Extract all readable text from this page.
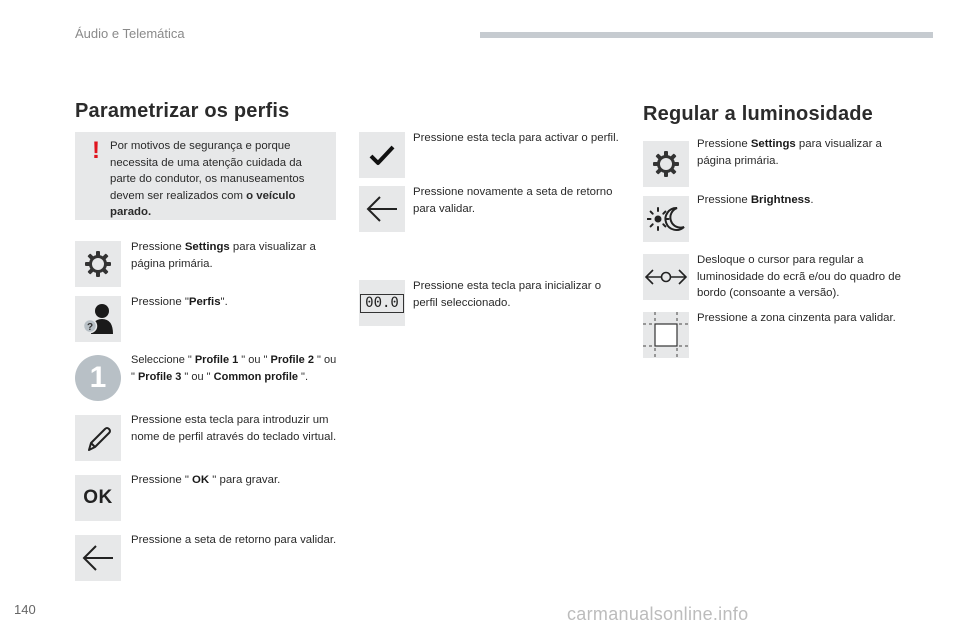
Áudio e Telemática
Parametrizar os perfis
! Por motivos de segurança e porque necessita de uma atenção cuidada da parte do condutor, os manuseamentos devem ser realizados com o veículo parado.
Pressione Settings para visualizar a página primária.
?
Pressione "Perfis".
1
Seleccione " Profile 1 " ou " Profile 2 " ou " Profile 3 " ou " Common profile ".
Pressione esta tecla para introduzir um nome de perfil através do teclado virtual.
OK
Pressione " OK " para gravar.
Pressione a seta de retorno para validar.
Pressione esta tecla para activar o perfil.
Pressione novamente a seta de retorno para validar.
00.0
Pressione esta tecla para inicializar o perfil seleccionado.
Regular a luminosidade
Pressione Settings para visualizar a página primária.
Pressione Brightness.
Desloque o cursor para regular a luminosidade do ecrã e/ou do quadro de bordo (consoante a versão).
Pressione a zona cinzenta para validar.
140	carmanualsonline.info
